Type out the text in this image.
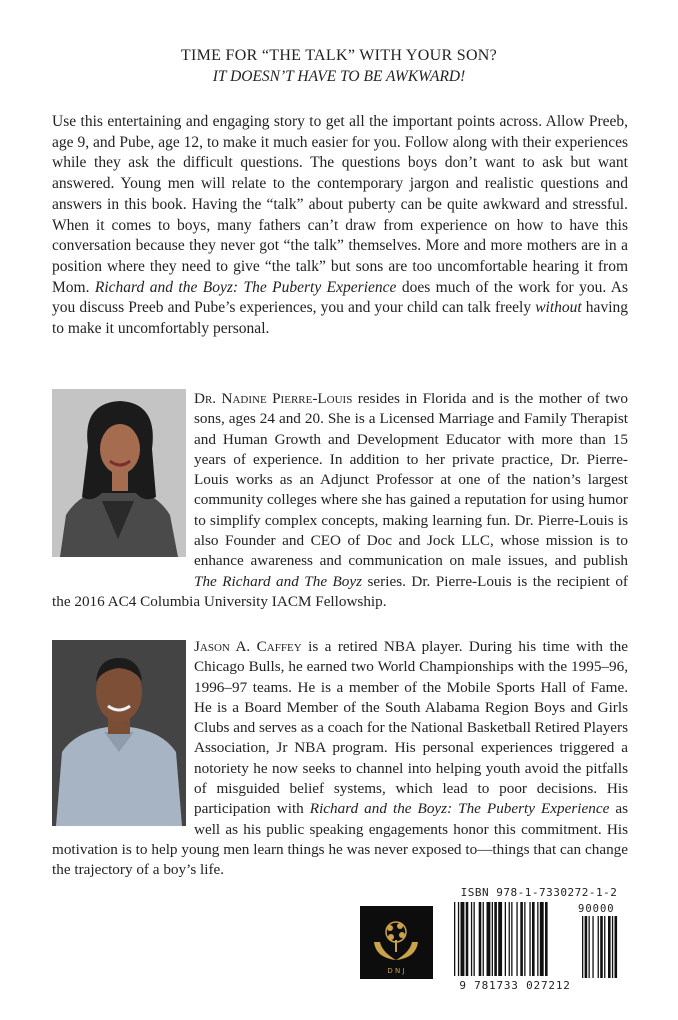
TIME FOR “THE TALK” WITH YOUR SON?
IT DOESN’T HAVE TO BE AWKWARD!

Use this entertaining and engaging story to get all the important points across. Allow Preeb, age 9, and Pube, age 12, to make it much easier for you. Follow along with their experiences while they ask the difficult questions. The questions boys don’t want to ask but want answered. Young men will relate to the contemporary jargon and realistic questions and answers in this book. Having the “talk” about puberty can be quite awkward and stressful. When it comes to boys, many fathers can’t draw from experience on how to have this conversation because they never got “the talk” themselves. More and more mothers are in a position where they need to give “the talk” but sons are too uncomfortable hearing it from Mom. Richard and the Boyz: The Puberty Experience does much of the work for you. As you discuss Preeb and Pube’s experiences, you and your child can talk freely without having to make it uncomfortably personal.

Dr. Nadine Pierre-Louis resides in Florida and is the mother of two sons, ages 24 and 20. She is a Licensed Marriage and Family Therapist and Human Growth and Development Educator with more than 15 years of experience. In addition to her private practice, Dr. Pierre-Louis works as an Adjunct Professor at one of the nation’s largest community colleges where she has gained a reputation for using humor to simplify complex concepts, making learning fun. Dr. Pierre-Louis is also Founder and CEO of Doc and Jock LLC, whose mission is to enhance awareness and communication on male issues, and publish The Richard and The Boyz series. Dr. Pierre-Louis is the recipient of the 2016 AC4 Columbia University IACM Fellowship.

Jason A. Caffey is a retired NBA player. During his time with the Chicago Bulls, he earned two World Championships with the 1995–96, 1996–97 teams. He is a member of the Mobile Sports Hall of Fame. He is a Board Member of the South Alabama Region Boys and Girls Clubs and serves as a coach for the National Basketball Retired Players Association, Jr NBA program. His personal experiences triggered a notoriety he now seeks to channel into helping youth avoid the pitfalls of misguided belief systems, which lead to poor decisions. His participation with Richard and the Boyz: The Puberty Experience as well as his public speaking engagements honor this commitment. His motivation is to help young men learn things he was never exposed to—things that can change the trajectory of a boy’s life.

D N J
ISBN 978-1-7330272-1-2
90000
9 781733 027212
